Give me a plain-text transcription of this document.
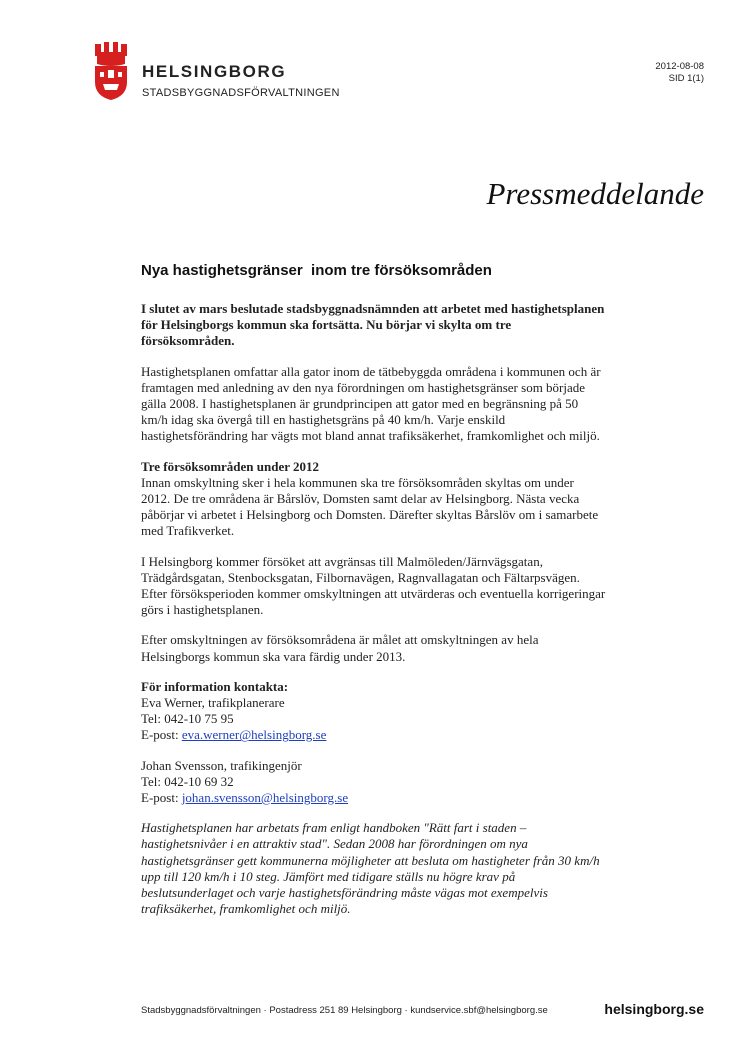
HELSINGBORG
STADSBYGGNADSFÖRVALTNINGEN
2012-08-08
SID 1(1)
Pressmeddelande
Nya hastighetsgränser  inom tre försöksområden

I slutet av mars beslutade stadsbyggnadsnämnden att arbetet med hastighetsplanen för Helsingborgs kommun ska fortsätta. Nu börjar vi skylta om tre försöksområden.

Hastighetsplanen omfattar alla gator inom de tätbebyggda områdena i kommunen och är framtagen med anledning av den nya förordningen om hastighetsgränser som började gälla 2008. I hastighetsplanen är grundprincipen att gator med en begränsning på 50 km/h idag ska övergå till en hastighetsgräns på 40 km/h. Varje enskild hastighetsförändring har vägts mot bland annat trafiksäkerhet, framkomlighet och miljö.

Tre försöksområden under 2012
Innan omskyltning sker i hela kommunen ska tre försöksområden skyltas om under 2012. De tre områdena är Bårslöv, Domsten samt delar av Helsingborg. Nästa vecka påbörjar vi arbetet i Helsingborg och Domsten. Därefter skyltas Bårslöv om i samarbete med Trafikverket.

I Helsingborg kommer försöket att avgränsas till Malmöleden/Järnvägsgatan, Trädgårdsgatan, Stenbocksgatan, Filbornavägen, Ragnvallagatan och Fältarpsvägen. Efter försöksperioden kommer omskyltningen att utvärderas och eventuella korrigeringar görs i hastighetsplanen.

Efter omskyltningen av försöksområdena är målet att omskyltningen av hela Helsingborgs kommun ska vara färdig under 2013.

För information kontakta:
Eva Werner, trafikplanerare
Tel: 042-10 75 95
E-post: eva.werner@helsingborg.se
Johan Svensson, trafikingenjör
Tel: 042-10 69 32
E-post: johan.svensson@helsingborg.se

Hastighetsplanen har arbetats fram enligt handboken "Rätt fart i staden – hastighetsnivåer i en attraktiv stad". Sedan 2008 har förordningen om nya hastighetsgränser gett kommunerna möjligheter att besluta om hastigheter från 30 km/h upp till 120 km/h i 10 steg. Jämfört med tidigare ställs nu högre krav på beslutsunderlaget och varje hastighetsförändring måste vägas mot exempelvis trafiksäkerhet, framkomlighet och miljö.

Stadsbyggnadsförvaltningen · Postadress 251 89 Helsingborg · kundservice.sbf@helsingborg.se	helsingborg.se
